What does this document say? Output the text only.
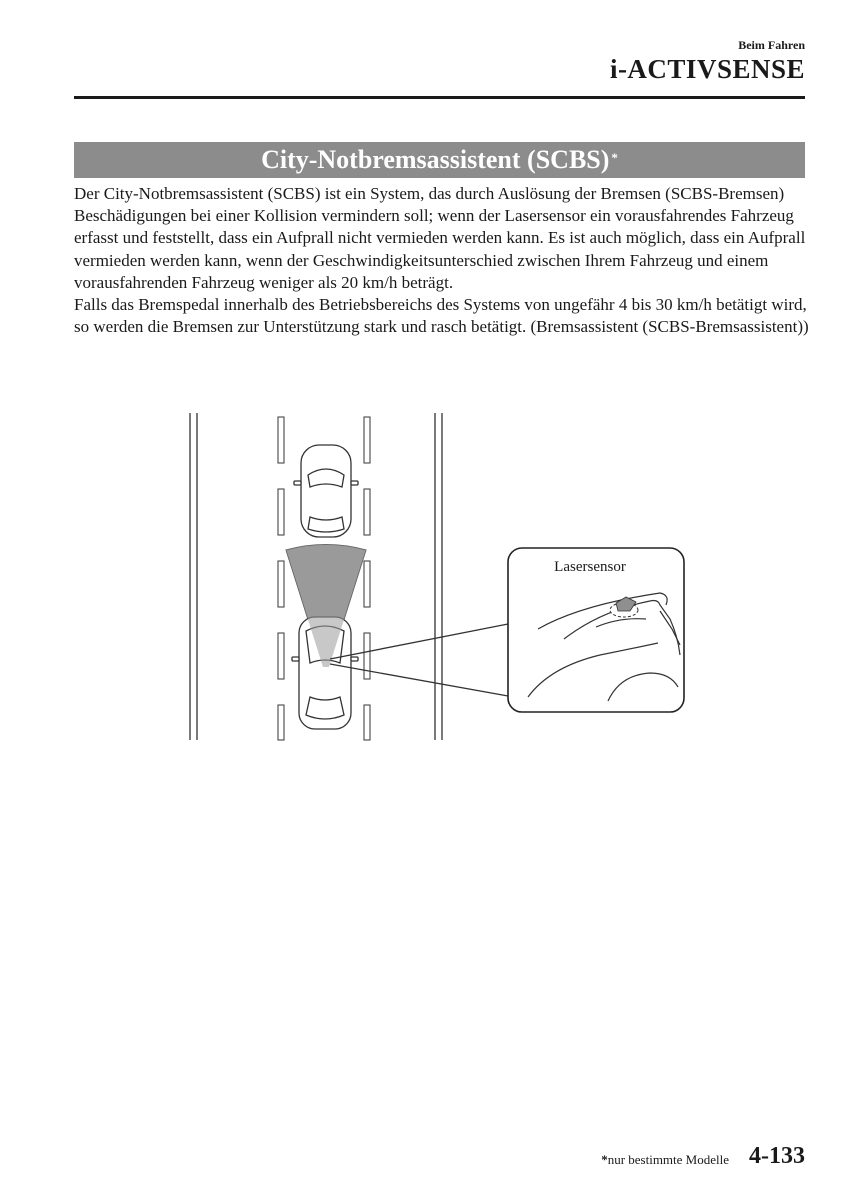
Beim Fahren
i-ACTIVSENSE
City-Notbremsassistent (SCBS)*

Der City-Notbremsassistent (SCBS) ist ein System, das durch Auslösung der Bremsen (SCBS-Bremsen) Beschädigungen bei einer Kollision vermindern soll; wenn der Lasersensor ein vorausfahrendes Fahrzeug erfasst und feststellt, dass ein Aufprall nicht vermieden werden kann. Es ist auch möglich, dass ein Aufprall vermieden werden kann, wenn der Geschwindigkeitsunterschied zwischen Ihrem Fahrzeug und einem vorausfahrenden Fahrzeug weniger als 20 km/h beträgt.

Falls das Bremspedal innerhalb des Betriebsbereichs des Systems von ungefähr 4 bis 30 km/h betätigt wird, so werden die Bremsen zur Unterstützung stark und rasch betätigt. (Bremsassistent (SCBS-Bremsassistent))

Lasersensor
*nur bestimmte Modelle 4-133
